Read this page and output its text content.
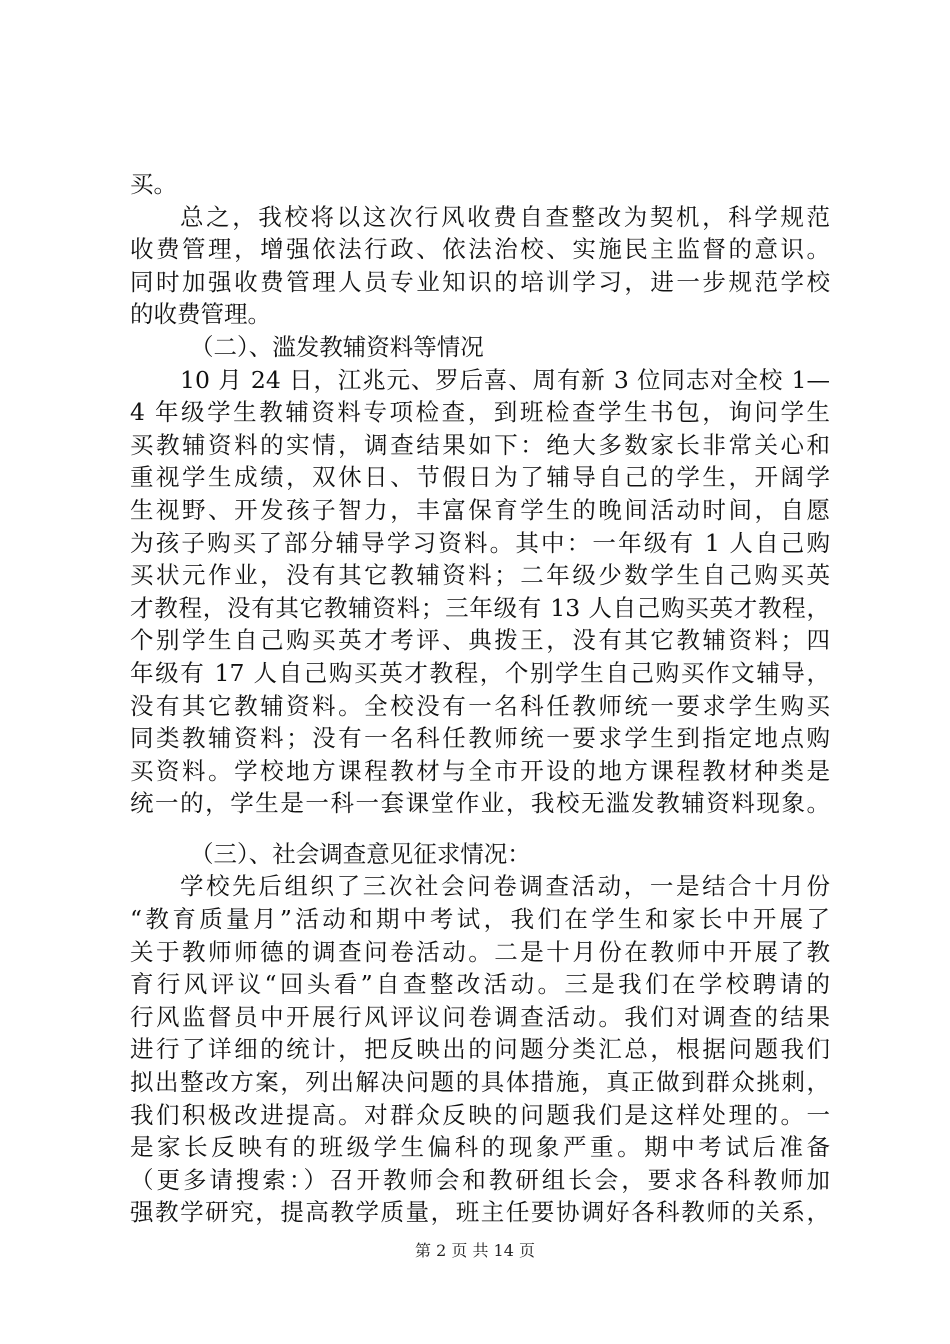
买。
总之，我校将以这次行风收费自查整改为契机，科学规范
收费管理，增强依法行政、依法治校、实施民主监督的意识。
同时加强收费管理人员专业知识的培训学习，进一步规范学校
的收费管理。
（二）、滥发教辅资料等情况
10 月 24 日，江兆元、罗后喜、周有新 3 位同志对全校 1—
4 年级学生教辅资料专项检查，到班检查学生书包，询问学生
买教辅资料的实情，调查结果如下：绝大多数家长非常关心和
重视学生成绩，双休日、节假日为了辅导自己的学生，开阔学
生视野、开发孩子智力，丰富保育学生的晚间活动时间，自愿
为孩子购买了部分辅导学习资料。其中：一年级有 1 人自己购
买状元作业，没有其它教辅资料；二年级少数学生自己购买英
才教程，没有其它教辅资料；三年级有 13 人自己购买英才教程，
个别学生自己购买英才考评、典拨王，没有其它教辅资料；四
年级有 17 人自己购买英才教程，个别学生自己购买作文辅导，
没有其它教辅资料。全校没有一名科任教师统一要求学生购买
同类教辅资料；没有一名科任教师统一要求学生到指定地点购
买资料。学校地方课程教材与全市开设的地方课程教材种类是
统一的，学生是一科一套课堂作业，我校无滥发教辅资料现象。
（三）、社会调查意见征求情况：
学校先后组织了三次社会问卷调查活动，一是结合十月份
“教育质量月”活动和期中考试，我们在学生和家长中开展了
关于教师师德的调查问卷活动。二是十月份在教师中开展了教
育行风评议“回头看”自查整改活动。三是我们在学校聘请的
行风监督员中开展行风评议问卷调查活动。我们对调查的结果
进行了详细的统计，把反映出的问题分类汇总，根据问题我们
拟出整改方案，列出解决问题的具体措施，真正做到群众挑刺，
我们积极改进提高。对群众反映的问题我们是这样处理的。一
是家长反映有的班级学生偏科的现象严重。期中考试后准备
（更多请搜索：）召开教师会和教研组长会，要求各科教师加
强教学研究，提高教学质量，班主任要协调好各科教师的关系，
第 2 页 共 14 页
